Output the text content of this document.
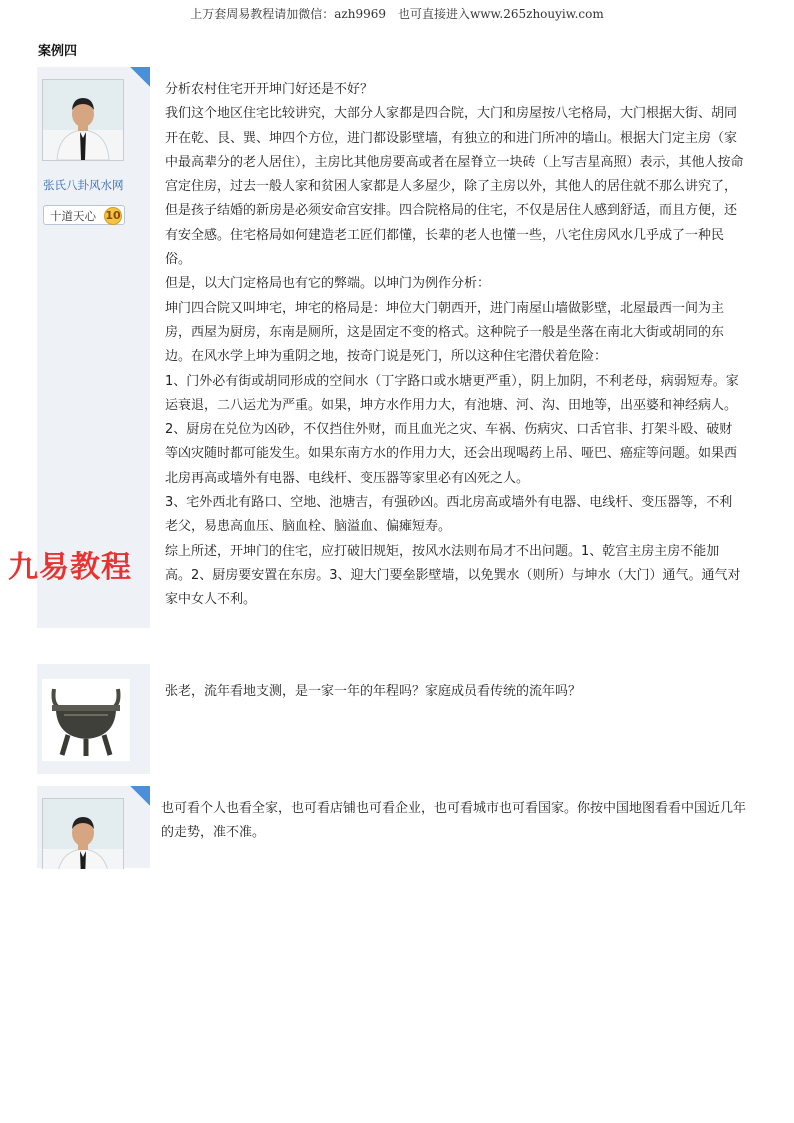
上万套周易教程请加微信：azh9969　也可直接进入www.265zhouyiw.com
案例四
张氏八卦风水网
十道天心 10

分析农村住宅开开坤门好还是不好？

我们这个地区住宅比较讲究，大部分人家都是四合院，大门和房屋按八宅格局，大门根据大街、胡同开在乾、艮、巽、坤四个方位，进门都设影壁墙，有独立的和进门所冲的墙山。根据大门定主房（家中最高辈分的老人居住），主房比其他房要高或者在屋脊立一块砖（上写吉星高照）表示，其他人按命宫定住房，过去一般人家和贫困人家都是人多屋少，除了主房以外，其他人的居住就不那么讲究了，但是孩子结婚的新房是必须安命宫安排。四合院格局的住宅，不仅是居住人感到舒适，而且方便，还有安全感。住宅格局如何建造老工匠们都懂，长辈的老人也懂一些，八宅住房风水几乎成了一种民俗。

但是，以大门定格局也有它的弊端。以坤门为例作分析：

坤门四合院又叫坤宅，坤宅的格局是：坤位大门朝西开，进门南屋山墙做影壁，北屋最西一间为主房，西屋为厨房，东南是厕所，这是固定不变的格式。这种院子一般是坐落在南北大街或胡同的东边。在风水学上坤为重阴之地，按奇门说是死门，所以这种住宅潜伏着危险：

1、门外必有街或胡同形成的空间水（丁字路口或水塘更严重），阴上加阴，不利老母，病弱短寿。家运衰退，二八运尤为严重。如果，坤方水作用力大，有池塘、河、沟、田地等，出巫婆和神经病人。

2、厨房在兑位为凶砂，不仅挡住外财，而且血光之灾、车祸、伤病灾、口舌官非、打架斗殴、破财等凶灾随时都可能发生。如果东南方水的作用力大，还会出现喝药上吊、哑巴、癌症等问题。如果西北房再高或墙外有电器、电线杆、变压器等家里必有凶死之人。

3、宅外西北有路口、空地、池塘吉，有强砂凶。西北房高或墙外有电器、电线杆、变压器等，不利老父，易患高血压、脑血栓、脑溢血、偏瘫短寿。

综上所述，开坤门的住宅，应打破旧规矩，按风水法则布局才不出问题。1、乾宫主房主房不能加高。2、厨房要安置在东房。3、迎大门要垒影壁墙，以免巽水（则所）与坤水（大门）通气。通气对家中女人不利。

九易教程

张老，流年看地支测，是一家一年的年程吗？家庭成员看传统的流年吗？

也可看个人也看全家，也可看店铺也可看企业，也可看城市也可看国家。你按中国地图看看中国近几年的走势，准不准。
